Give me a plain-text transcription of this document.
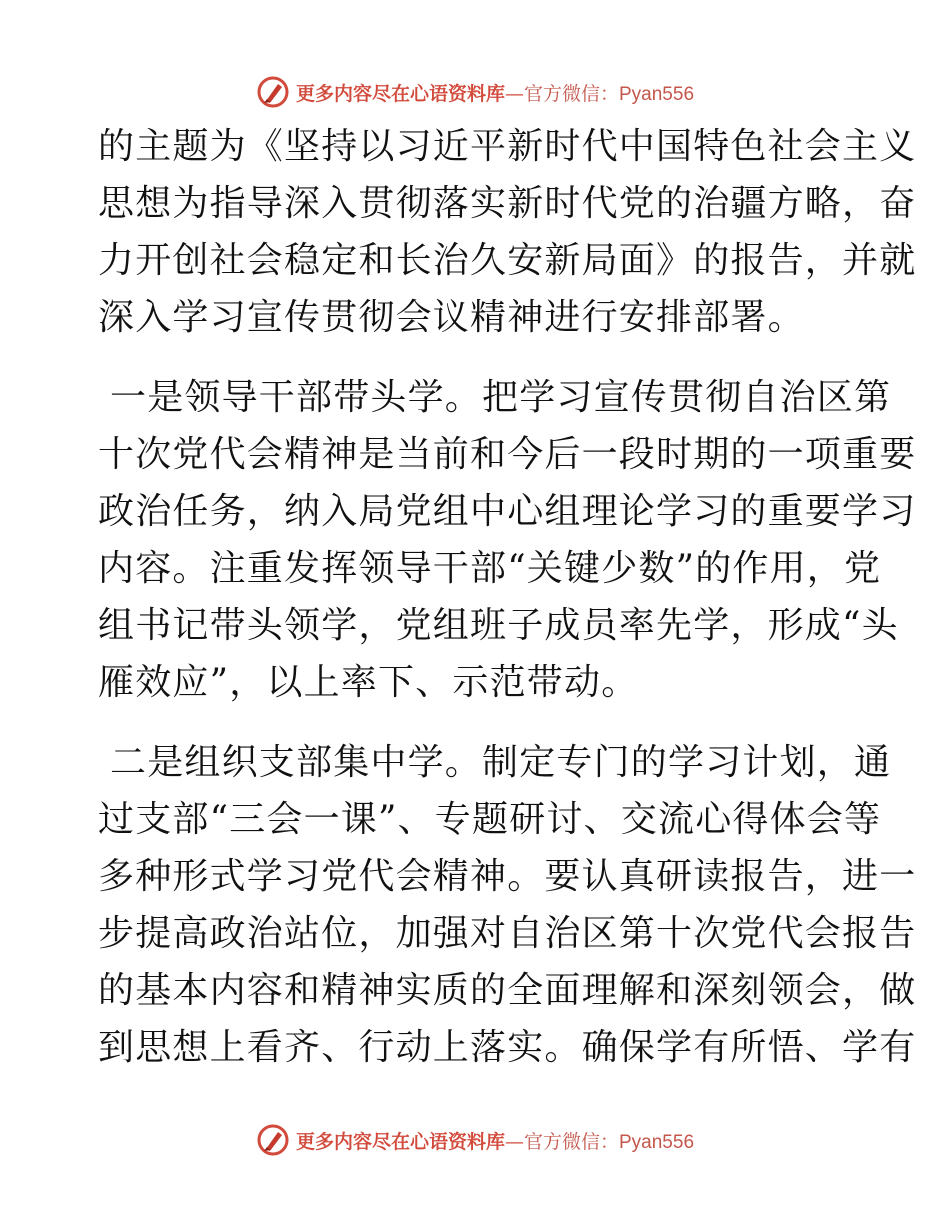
更多内容尽在心语资料库—官方微信：Pyan556

的主题为《坚持以习近平新时代中国特色社会主义
思想为指导深入贯彻落实新时代党的治疆方略，奋
力开创社会稳定和长治久安新局面》的报告，并就
深入学习宣传贯彻会议精神进行安排部署。

一是领导干部带头学。把学习宣传贯彻自治区第
十次党代会精神是当前和今后一段时期的一项重要
政治任务，纳入局党组中心组理论学习的重要学习
内容。注重发挥领导干部“关键少数”的作用，党
组书记带头领学，党组班子成员率先学，形成“头
雁效应”，以上率下、示范带动。

二是组织支部集中学。制定专门的学习计划，通
过支部“三会一课”、专题研讨、交流心得体会等
多种形式学习党代会精神。要认真研读报告，进一
步提高政治站位，加强对自治区第十次党代会报告
的基本内容和精神实质的全面理解和深刻领会，做
到思想上看齐、行动上落实。确保学有所悟、学有

更多内容尽在心语资料库—官方微信：Pyan556
